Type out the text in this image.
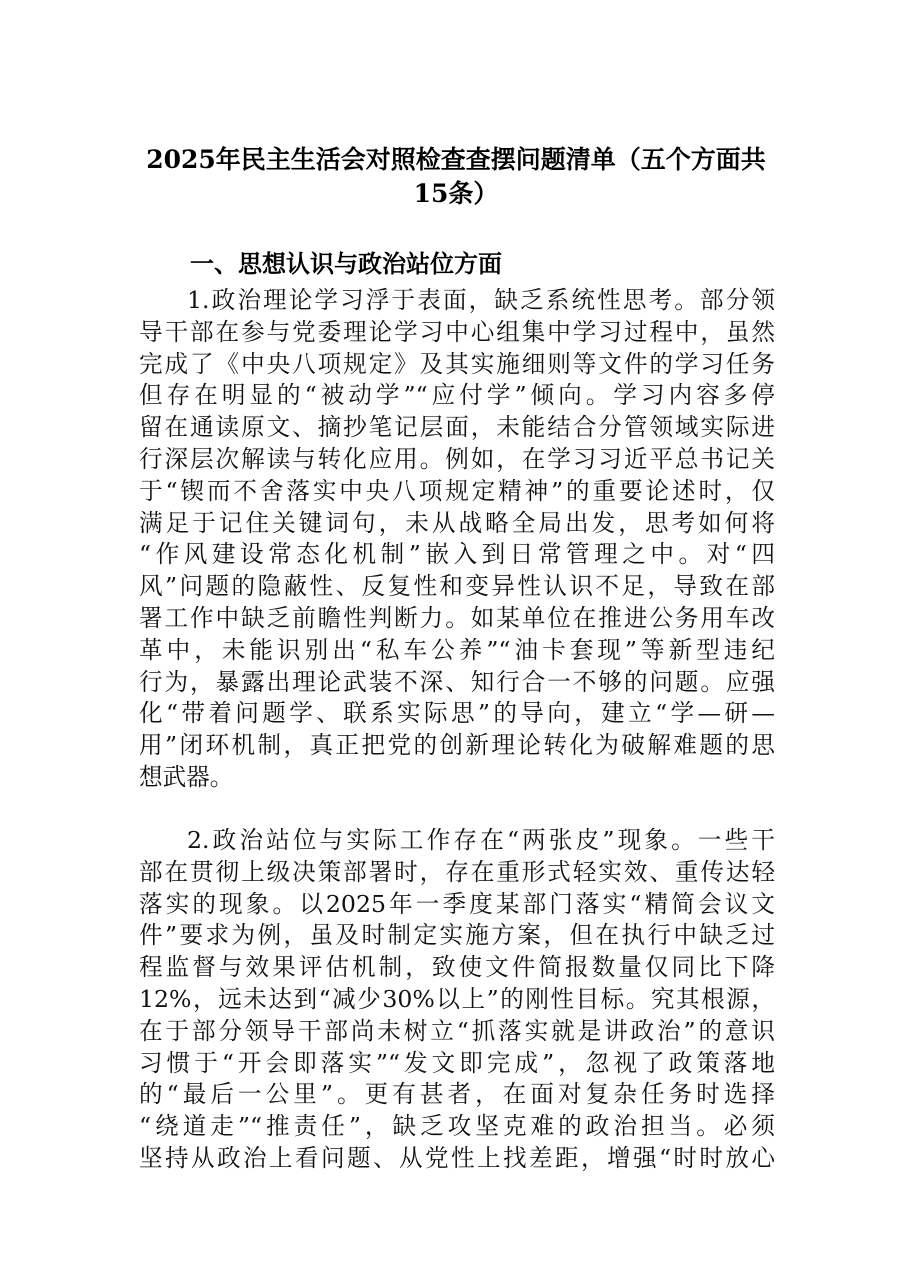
2025年民主生活会对照检查查摆问题清单（五个方面共15条）
一、思想认识与政治站位方面
1.政治理论学习浮于表面，缺乏系统性思考。部分领
导干部在参与党委理论学习中心组集中学习过程中，虽然
完成了《中央八项规定》及其实施细则等文件的学习任务
但存在明显的“被动学”“应付学”倾向。学习内容多停
留在通读原文、摘抄笔记层面，未能结合分管领域实际进
行深层次解读与转化应用。例如，在学习习近平总书记关
于“锲而不舍落实中央八项规定精神”的重要论述时，仅
满足于记住关键词句，未从战略全局出发，思考如何将
“作风建设常态化机制”嵌入到日常管理之中。对“四
风”问题的隐蔽性、反复性和变异性认识不足，导致在部
署工作中缺乏前瞻性判断力。如某单位在推进公务用车改
革中，未能识别出“私车公养”“油卡套现”等新型违纪
行为，暴露出理论武装不深、知行合一不够的问题。应强
化“带着问题学、联系实际思”的导向，建立“学—研—
用”闭环机制，真正把党的创新理论转化为破解难题的思
想武器。
2.政治站位与实际工作存在“两张皮”现象。一些干
部在贯彻上级决策部署时，存在重形式轻实效、重传达轻
落实的现象。以2025年一季度某部门落实“精简会议文
件”要求为例，虽及时制定实施方案，但在执行中缺乏过
程监督与效果评估机制，致使文件简报数量仅同比下降
12%，远未达到“减少30%以上”的刚性目标。究其根源，
在于部分领导干部尚未树立“抓落实就是讲政治”的意识
习惯于“开会即落实”“发文即完成”，忽视了政策落地
的“最后一公里”。更有甚者，在面对复杂任务时选择
“绕道走”“推责任”，缺乏攻坚克难的政治担当。必须
坚持从政治上看问题、从党性上找差距，增强“时时放心
